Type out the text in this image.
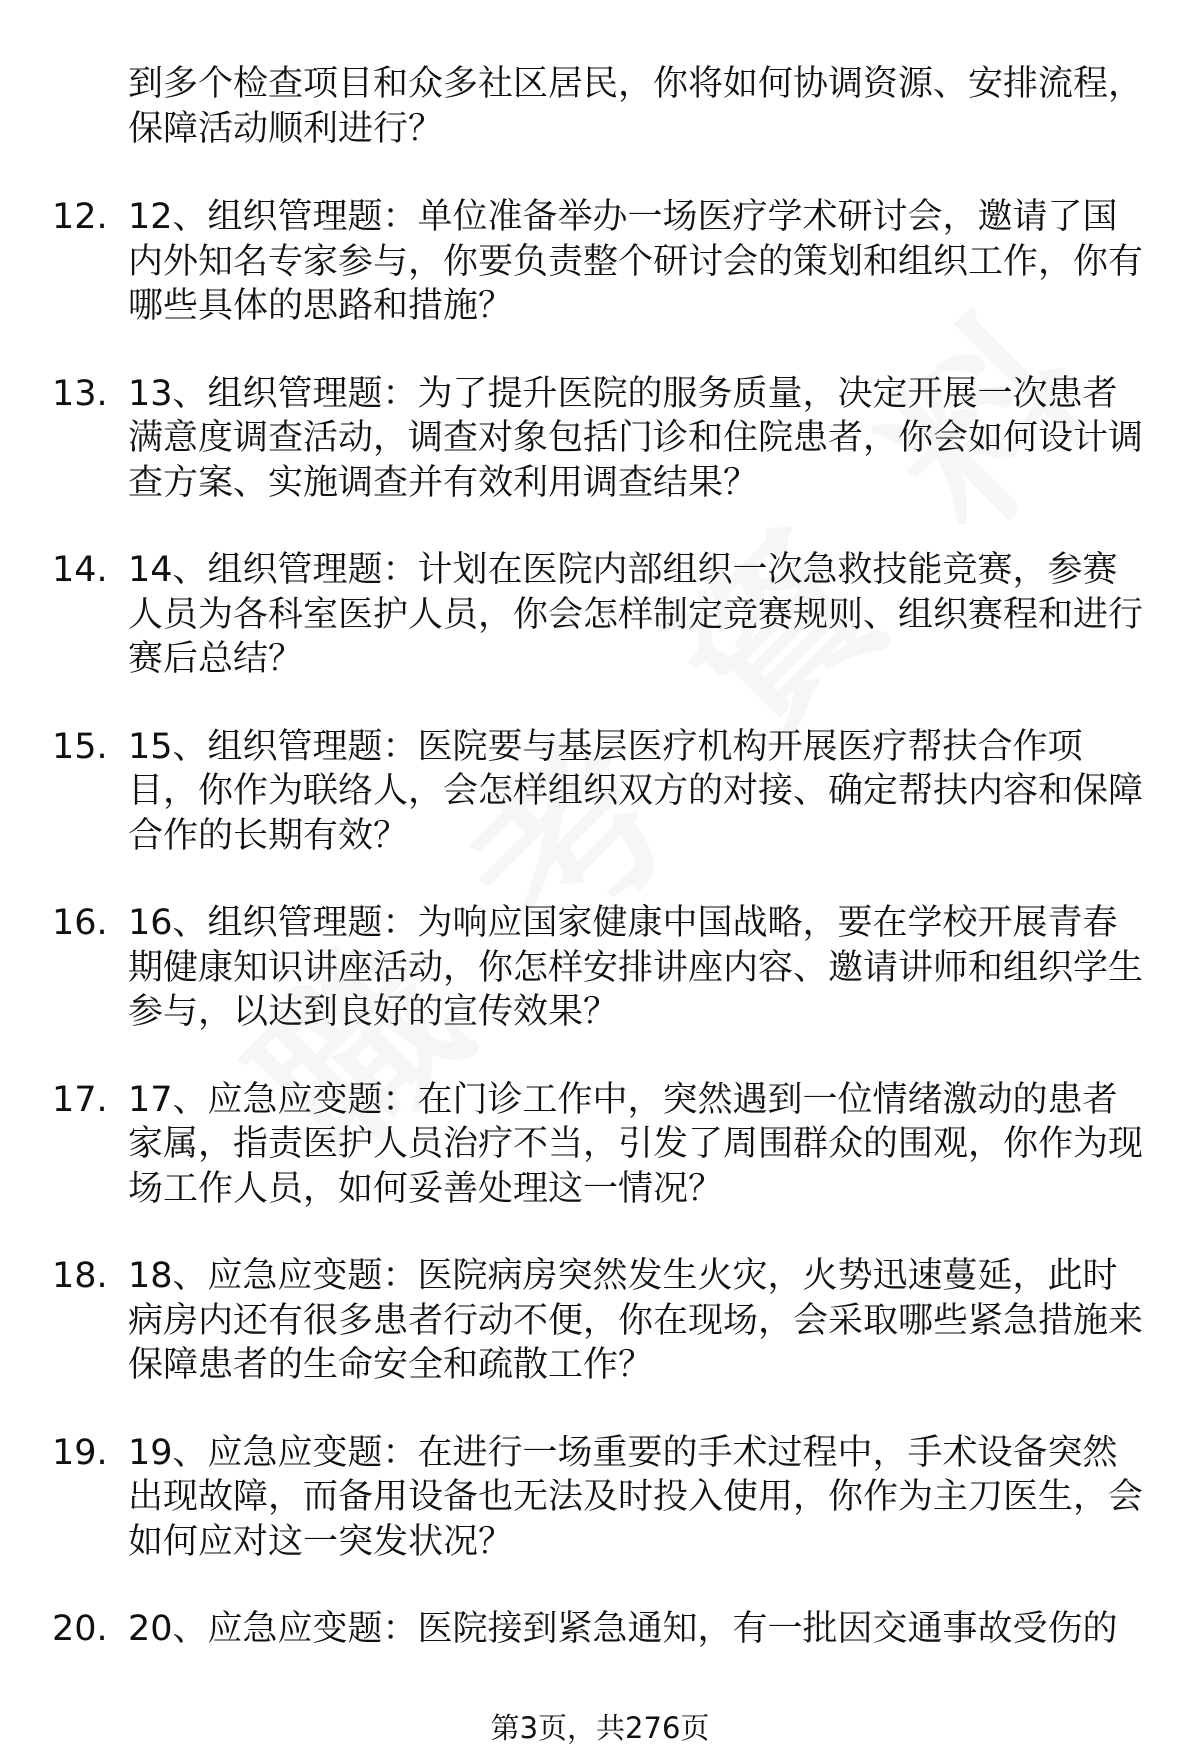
到多个检查项目和众多社区居民，你将如何协调资源、安排流程，保障活动顺利进行？

12. 12、组织管理题：单位准备举办一场医疗学术研讨会，邀请了国内外知名专家参与，你要负责整个研讨会的策划和组织工作，你有哪些具体的思路和措施？
13. 13、组织管理题：为了提升医院的服务质量，决定开展一次患者满意度调查活动，调查对象包括门诊和住院患者，你会如何设计调查方案、实施调查并有效利用调查结果？
14. 14、组织管理题：计划在医院内部组织一次急救技能竞赛，参赛人员为各科室医护人员，你会怎样制定竞赛规则、组织赛程和进行赛后总结？
15. 15、组织管理题：医院要与基层医疗机构开展医疗帮扶合作项目，你作为联络人，会怎样组织双方的对接、确定帮扶内容和保障合作的长期有效？
16. 16、组织管理题：为响应国家健康中国战略，要在学校开展青春期健康知识讲座活动，你怎样安排讲座内容、邀请讲师和组织学生参与，以达到良好的宣传效果？
17. 17、应急应变题：在门诊工作中，突然遇到一位情绪激动的患者家属，指责医护人员治疗不当，引发了周围群众的围观，你作为现场工作人员，如何妥善处理这一情况？
18. 18、应急应变题：医院病房突然发生火灾，火势迅速蔓延，此时病房内还有很多患者行动不便，你在现场，会采取哪些紧急措施来保障患者的生命安全和疏散工作？
19. 19、应急应变题：在进行一场重要的手术过程中，手术设备突然出现故障，而备用设备也无法及时投入使用，你作为主刀医生，会如何应对这一突发状况？
20. 20、应急应变题：医院接到紧急通知，有一批因交通事故受伤的
第3页，共276页
